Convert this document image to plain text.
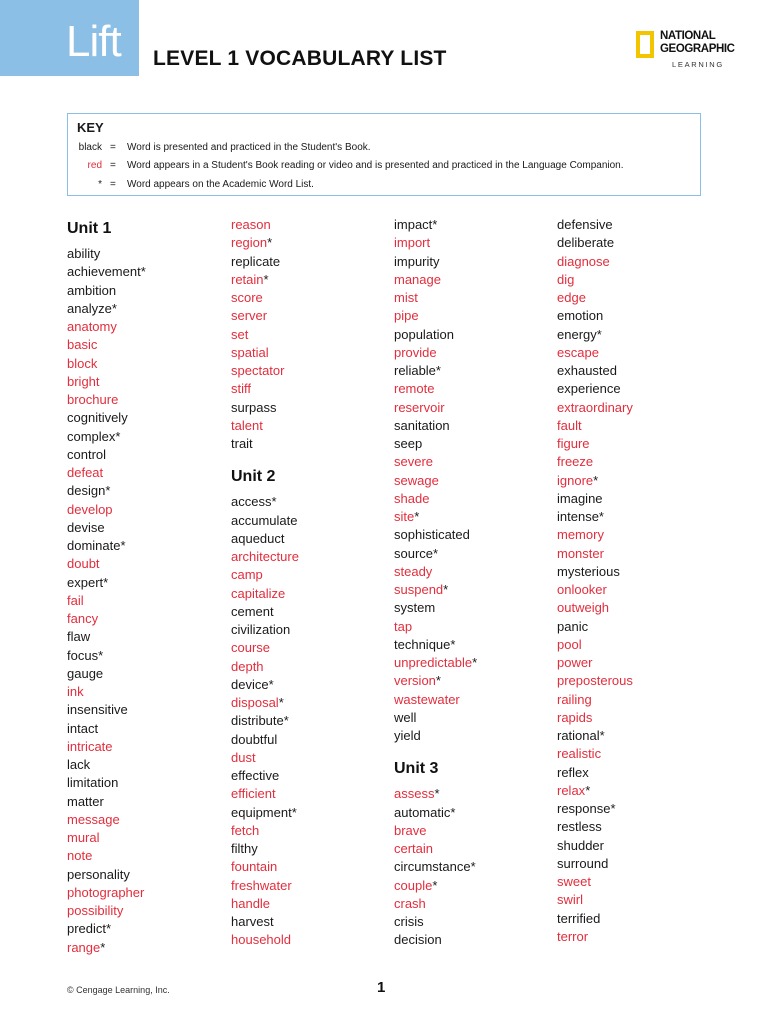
Lift LEVEL 1 VOCABULARY LIST
NATIONAL
GEOGRAPHIC
LEARNING
KEY
black = Word is presented and practiced in the Student's Book.
red = Word appears in a Student's Book reading or video and is presented and practiced in the Language Companion.
* = Word appears on the Academic Word List.
Unit 1
ability
achievement*
ambition
analyze*
anatomy
basic
block
bright
brochure
cognitively
complex*
control
defeat
design*
develop
devise
dominate*
doubt
expert*
fail
fancy
flaw
focus*
gauge
ink
insensitive
intact
intricate
lack
limitation
matter
message
mural
note
personality
photographer
possibility
predict*
range*
reason
region*
replicate
retain*
score
server
set
spatial
spectator
stiff
surpass
talent
trait
Unit 2
access*
accumulate
aqueduct
architecture
camp
capitalize
cement
civilization
course
depth
device*
disposal*
distribute*
doubtful
dust
effective
efficient
equipment*
fetch
filthy
fountain
freshwater
handle
harvest
household
impact*
import
impurity
manage
mist
pipe
population
provide
reliable*
remote
reservoir
sanitation
seep
severe
sewage
shade
site*
sophisticated
source*
steady
suspend*
system
tap
technique*
unpredictable*
version*
wastewater
well
yield
Unit 3
assess*
automatic*
brave
certain
circumstance*
couple*
crash
crisis
decision
defensive
deliberate
diagnose
dig
edge
emotion
energy*
escape
exhausted
experience
extraordinary
fault
figure
freeze
ignore*
imagine
intense*
memory
monster
mysterious
onlooker
outweigh
panic
pool
power
preposterous
railing
rapids
rational*
realistic
reflex
relax*
response*
restless
shudder
surround
sweet
swirl
terrified
terror
© Cengage Learning, Inc.	1
